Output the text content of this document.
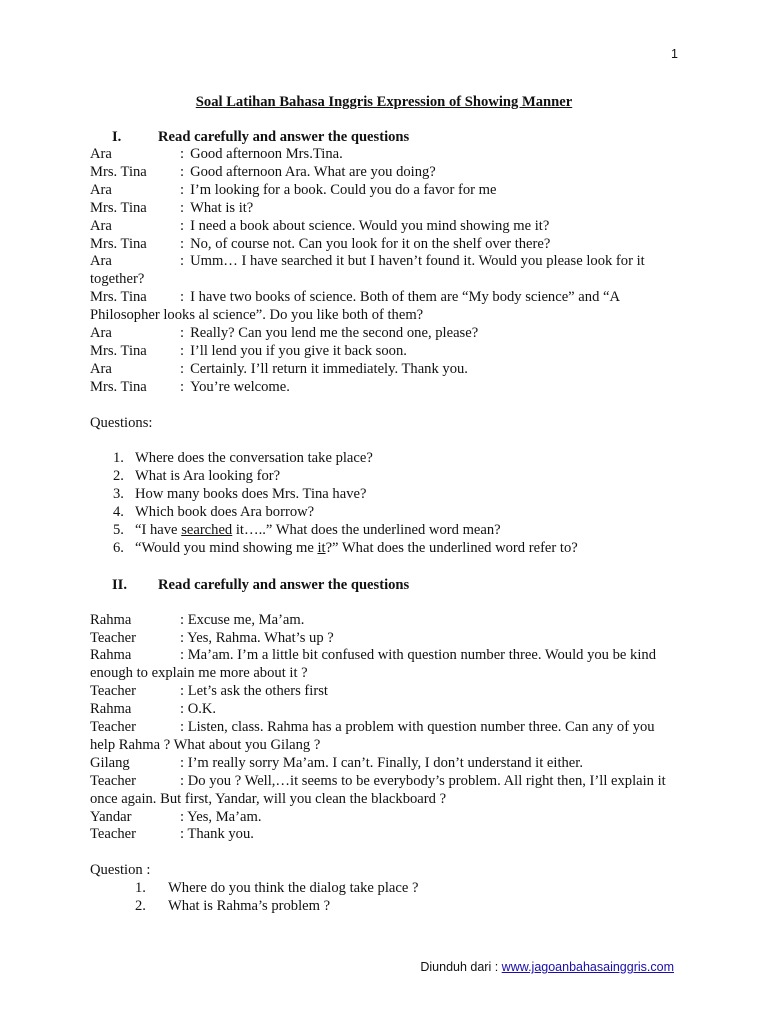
1
Soal Latihan Bahasa Inggris Expression of Showing Manner
I.	Read carefully and answer the questions
Ara	: Good afternoon Mrs.Tina.
Mrs. Tina : Good afternoon Ara. What are you doing?
Ara	: I’m looking for a book. Could you do a favor for me
Mrs. Tina : What is it?
Ara	: I need a book about science. Would you mind showing me it?
Mrs. Tina : No, of course not. Can you look for it on the shelf over there?
Ara	: Umm… I have searched it but I haven’t found it. Would you please look for it together?
Mrs. Tina : I have two books of science. Both of them are “My body science” and “A Philosopher looks al science”. Do you like both of them?
Ara	: Really? Can you lend me the second one, please?
Mrs. Tina : I’ll lend you if you give it back soon.
Ara	: Certainly. I’ll return it immediately. Thank you.
Mrs. Tina : You’re welcome.
Questions:
1. Where does the conversation take place?
2. What is Ara looking for?
3. How many books does Mrs. Tina have?
4. Which book does Ara borrow?
5. “I have searched it…..” What does the underlined word mean?
6. “Would you mind showing me it?” What does the underlined word refer to?
II. Read carefully and answer the questions
Rahma	: Excuse me, Ma’am.
Teacher	: Yes, Rahma. What’s up ?
Rahma	: Ma’am. I’m a little bit confused with question number three. Would you be kind enough to explain me more about it ?
Teacher	: Let’s ask the others first
Rahma	: O.K.
Teacher	: Listen, class. Rahma has a problem with question number three. Can any of you help Rahma ? What about you Gilang ?
Gilang	: I’m really sorry Ma’am. I can’t. Finally, I don’t understand it either.
Teacher	: Do you ? Well,…it seems to be everybody’s problem. All right then, I’ll explain it once again. But first, Yandar, will you clean the blackboard ?
Yandar	: Yes, Ma’am.
Teacher	: Thank you.
Question :
1. Where do you think the dialog take place ?
2. What is Rahma’s problem ?
Diunduh dari : www.jagoanbahasainggris.com
